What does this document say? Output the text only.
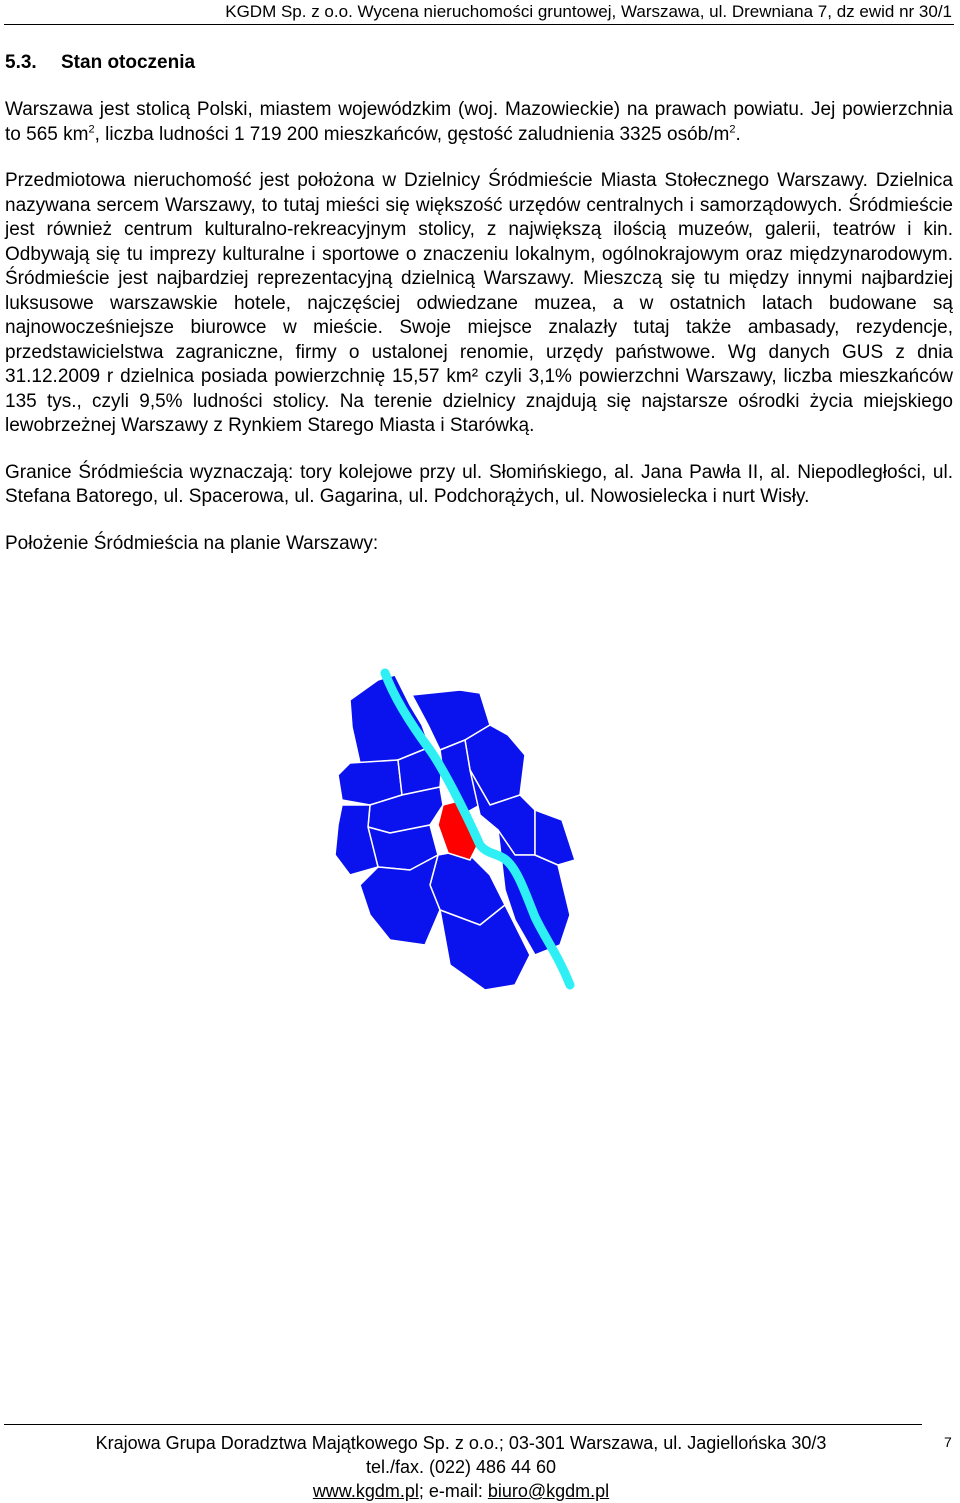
KGDM Sp. z o.o. Wycena nieruchomości gruntowej, Warszawa, ul. Drewniana 7, dz ewid nr 30/1
5.3. Stan otoczenia

Warszawa jest stolicą Polski, miastem wojewódzkim (woj. Mazowieckie) na prawach powiatu. Jej powierzchnia to 565 $km^2$, liczba ludności 1 719 200 mieszkańców, gęstość zaludnienia 3325 osób/$m^2$.

Przedmiotowa nieruchomość jest położona w Dzielnicy Śródmieście Miasta Stołecznego Warszawy. Dzielnica nazywana sercem Warszawy, to tutaj mieści się większość urzędów centralnych i samorządowych. Śródmieście jest również centrum kulturalno-rekreacyjnym stolicy, z największą ilością muzeów, galerii, teatrów i kin. Odbywają się tu imprezy kulturalne i sportowe o znaczeniu lokalnym, ogólnokrajowym oraz międzynarodowym. Śródmieście jest najbardziej reprezentacyjną dzielnicą Warszawy. Mieszczą się tu między innymi najbardziej luksusowe warszawskie hotele, najczęściej odwiedzane muzea, a w ostatnich latach budowane są najnowocześniejsze biurowce w mieście. Swoje miejsce znalazły tutaj także ambasady, rezydencje, przedstawicielstwa zagraniczne, firmy o ustalonej renomie, urzędy państwowe. Wg danych GUS z dnia 31.12.2009 r dzielnica posiada powierzchnię 15,57 km² czyli 3,1% powierzchni Warszawy, liczba mieszkańców 135 tys., czyli 9,5% ludności stolicy. Na terenie dzielnicy znajdują się najstarsze ośrodki życia miejskiego lewobrzeżnej Warszawy z Rynkiem Starego Miasta i Starówką.

Granice Śródmieścia wyznaczają: tory kolejowe przy ul. Słomińskiego, al. Jana Pawła II, al. Niepodległości, ul. Stefana Batorego, ul. Spacerowa, ul. Gagarina, ul. Podchorążych, ul. Nowosielecka i nurt Wisły.

Położenie Śródmieścia na planie Warszawy:

Krajowa Grupa Doradztwa Majątkowego Sp. z o.o.; 03-301 Warszawa, ul. Jagiellońska 30/3
tel./fax. (022) 486 44 60
www.kgdm.pl; e-mail: biuro@kgdm.pl
7
